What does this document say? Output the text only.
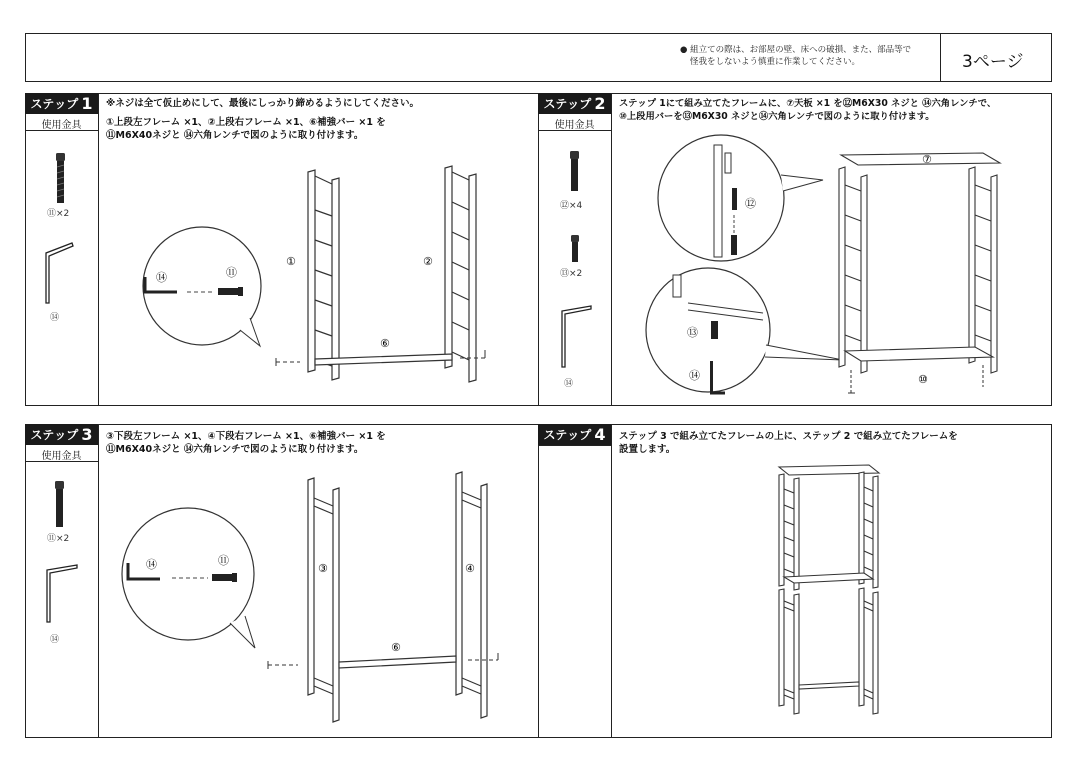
● 組立ての際は、お部屋の壁、床への破損、また、部品等で
怪我をしないよう慎重に作業してください。	3ページ
ステップ 1
使用金具
※ネジは全て仮止めにして、最後にしっかり締めるようにしてください。
①上段左フレーム ×1、②上段右フレーム ×1、⑥補強バー ×1 を
⑪M6X40ネジと ⑭六角レンチで図のように取り付けます。
⑪×2
⑭
⑭	⑪
①	②
⑥
ステップ 2
使用金具
ステップ 1にて組み立てたフレームに、⑦天板 ×1 を⑫M6X30 ネジと ⑭六角レンチで、
⑩上段用バーを⑬M6X30 ネジと⑭六角レンチで図のように取り付けます。
⑫×4
⑬×2
⑭
⑫
⑬
⑭
⑦
⑩
ステップ 3
使用金具
③下段左フレーム ×1、④下段右フレーム ×1、⑥補強バー ×1 を
⑪M6X40ネジと ⑭六角レンチで図のように取り付けます。
⑪×2
⑭
⑭	⑪
③	④
⑥
ステップ 4 ステップ 3 で組み立てたフレームの上に、ステップ 2 で組み立てたフレームを
設置します。
